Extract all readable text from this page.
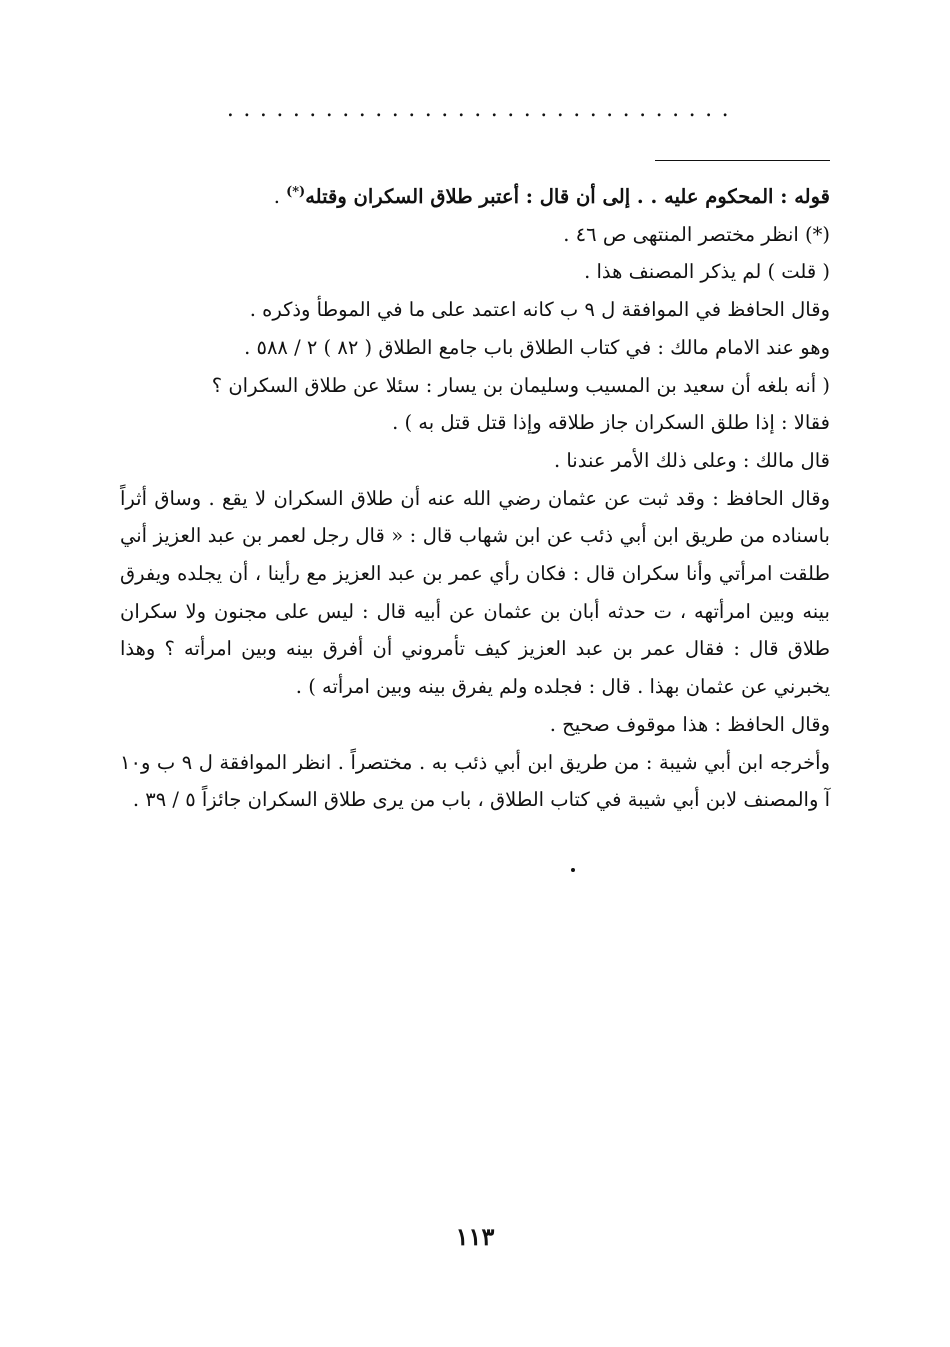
...............................

قوله : المحكوم عليه . . إلى أن قال : أعتبر طلاق السكران وقتله(*) .

(*) انظر مختصر المنتهى ص ٤٦ .

( قلت ) لم يذكر المصنف هذا .

وقال الحافظ في الموافقة ل ٩ ب كانه اعتمد على ما في الموطأ وذكره .

وهو عند الامام مالك : في كتاب الطلاق باب جامع الطلاق ( ٨٢ ) ٢ / ٥٨٨ .

( أنه بلغه أن سعيد بن المسيب وسليمان بن يسار : سئلا عن طلاق السكران ؟

فقالا : إذا طلق السكران جاز طلاقه وإذا قتل قتل به ) .

قال مالك : وعلى ذلك الأمر عندنا .

وقال الحافظ : وقد ثبت عن عثمان رضي الله عنه أن طلاق السكران لا يقع . وساق أثراً باسناده من طريق ابن أبي ذئب عن ابن شهاب قال : « قال رجل لعمر بن عبد العزيز أني طلقت امرأتي وأنا سكران قال : فكان رأي عمر بن عبد العزيز مع رأينا ، أن يجلده ويفرق بينه وبين امرأتهه ، ت حدثه أبان بن عثمان عن أبيه قال : ليس على مجنون ولا سكران طلاق قال : فقال عمر بن عبد العزيز كيف تأمروني أن أفرق بينه وبين امرأته ؟ وهذا يخبرني عن عثمان بهذا . قال : فجلده ولم يفرق بينه وبين امرأته ) .

وقال الحافظ : هذا موقوف صحيح .

وأخرجه ابن أبي شيبة : من طريق ابن أبي ذئب به . مختصراً . انظر الموافقة ل ٩ ب و١٠ آ والمصنف لابن أبي شيبة في كتاب الطلاق ، باب من يرى طلاق السكران جائزاً ٥ / ٣٩ .

١١٣
